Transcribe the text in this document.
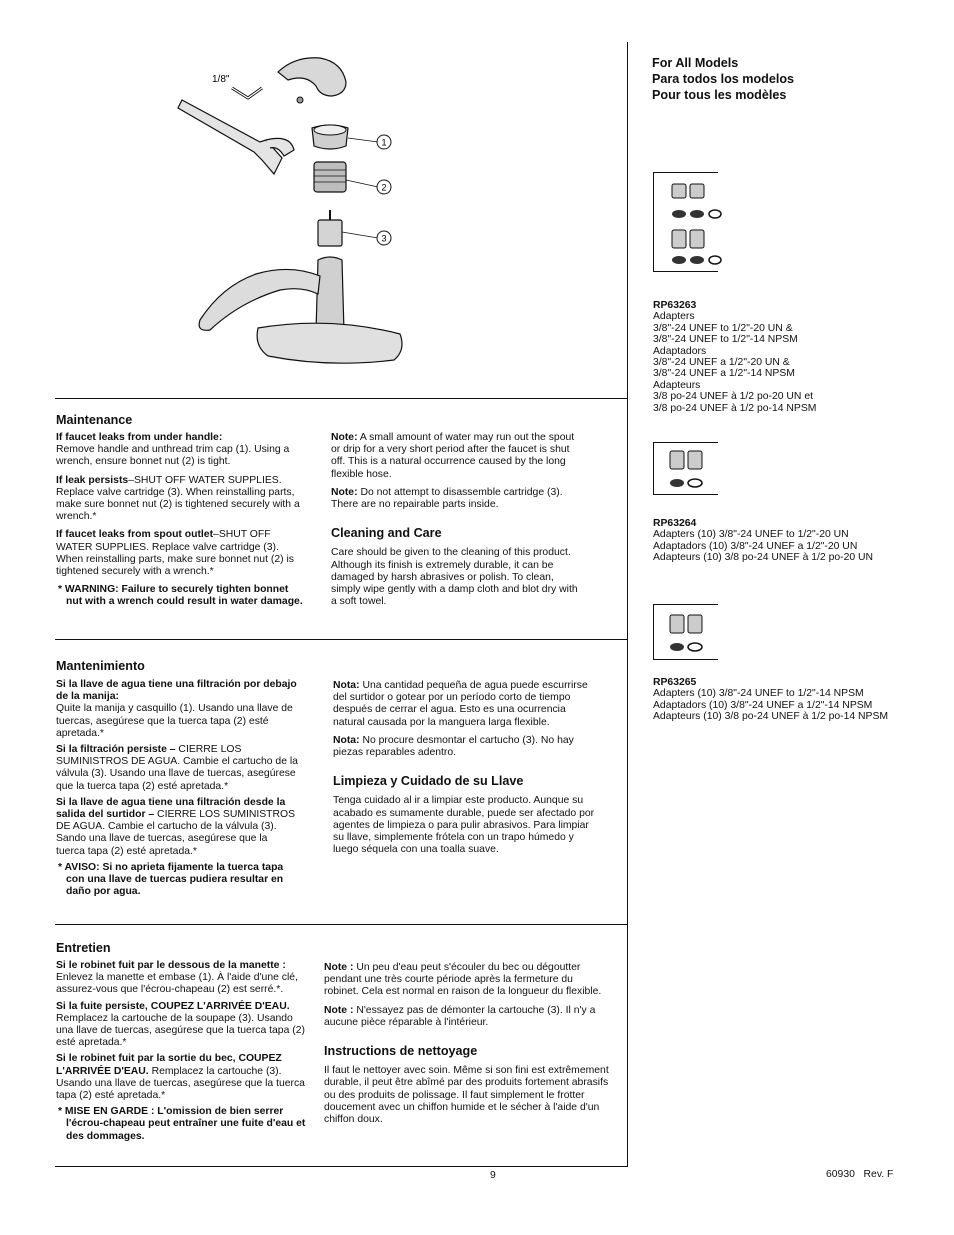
1/8"
1
2
3
For All Models
Para todos los modelos
Pour tous les modèles
RP63263
Adapters
3/8"-24 UNEF to 1/2"-20 UN &
3/8"-24 UNEF to 1/2"-14 NPSM
Adaptadors
3/8"-24 UNEF a 1/2"-20 UN &
3/8"-24 UNEF a 1/2"-14 NPSM
Adapteurs
3/8 po-24 UNEF à 1/2 po-20 UN et
3/8 po-24 UNEF à 1/2 po-14 NPSM
RP63264
Adapters (10) 3/8"-24 UNEF to 1/2"-20 UN
Adaptadors (10) 3/8"-24 UNEF a 1/2"-20 UN
Adapteurs (10) 3/8 po-24 UNEF à 1/2 po-20 UN
RP63265
Adapters (10) 3/8"-24 UNEF to 1/2"-14 NPSM
Adaptadors (10) 3/8"-24 UNEF a 1/2"-14 NPSM
Adapteurs (10) 3/8 po-24 UNEF à 1/2 po-14 NPSM
Maintenance

If faucet leaks from under handle:
Remove handle and unthread trim cap (1). Using a wrench, ensure bonnet nut (2) is tight.

If leak persists–SHUT OFF WATER SUPPLIES. Replace valve cartridge (3). When reinstalling parts, make sure bonnet nut (2) is tightened securely with a wrench.*

If faucet leaks from spout outlet–SHUT OFF WATER SUPPLIES. Replace valve cartridge (3). When reinstalling parts, make sure bonnet nut (2) is tightened securely with a wrench.*

* WARNING: Failure to securely tighten bonnet nut with a wrench could result in water damage.

Note: A small amount of water may run out the spout or drip for a very short period after the faucet is shut off. This is a natural occurrence caused by the long flexible hose.

Note: Do not attempt to disassemble cartridge (3). There are no repairable parts inside.

Cleaning and Care

Care should be given to the cleaning of this product. Although its finish is extremely durable, it can be damaged by harsh abrasives or polish. To clean, simply wipe gently with a damp cloth and blot dry with a soft towel.

Mantenimiento

Si la llave de agua tiene una filtración por debajo de la manija:
Quite la manija y casquillo (1). Usando una llave de tuercas, asegúrese que la tuerca tapa (2) esté apretada.*

Si la filtración persiste – CIERRE LOS SUMINISTROS DE AGUA. Cambie el cartucho de la válvula (3). Usando una llave de tuercas, asegúrese que la tuerca tapa (2) esté apretada.*

Si la llave de agua tiene una filtración desde la salida del surtidor – CIERRE LOS SUMINISTROS DE AGUA. Cambie el cartucho de la válvula (3). Sando una llave de tuercas, asegúrese que la tuerca tapa (2) esté apretada.*

* AVISO: Si no aprieta fijamente la tuerca tapa con una llave de tuercas pudiera resultar en daño por agua.

Nota: Una cantidad pequeña de agua puede escurrirse del surtidor o gotear por un período corto de tiempo después de cerrar el agua. Esto es una ocurrencia natural causada por la manguera larga flexible.

Nota: No procure desmontar el cartucho (3). No hay piezas reparables adentro.

Limpieza y Cuidado de su Llave

Tenga cuidado al ir a limpiar este producto. Aunque su acabado es sumamente durable, puede ser afectado por agentes de limpieza o para pulir abrasivos. Para limpiar su llave, simplemente frótela con un trapo húmedo y luego séquela con una toalla suave.

Entretien

Si le robinet fuit par le dessous de la manette : Enlevez la manette et embase (1). À l'aide d'une clé, assurez-vous que l'écrou-chapeau (2) est serré.*.

Si la fuite persiste, COUPEZ L'ARRIVÉE D'EAU. Remplacez la cartouche de la soupape (3). Usando una llave de tuercas, asegúrese que la tuerca tapa (2) esté apretada.*

Si le robinet fuit par la sortie du bec, COUPEZ L'ARRIVÉE D'EAU. Remplacez la cartouche (3). Usando una llave de tuercas, asegúrese que la tuerca tapa (2) esté apretada.*

* MISE EN GARDE : L'omission de bien serrer l'écrou-chapeau peut entraîner une fuite d'eau et des dommages.

Note : Un peu d'eau peut s'écouler du bec ou dégoutter pendant une très courte période après la fermeture du robinet. Cela est normal en raison de la longueur du flexible.

Note : N'essayez pas de démonter la cartouche (3). Il n'y a aucune pièce réparable à l'intérieur.

Instructions de nettoyage

Il faut le nettoyer avec soin. Même si son fini est extrêmement durable, il peut être abîmé par des produits fortement abrasifs ou des produits de polissage. Il faut simplement le frotter doucement avec un chiffon humide et le sécher à l'aide d'un chiffon doux.

9	60930   Rev. F
